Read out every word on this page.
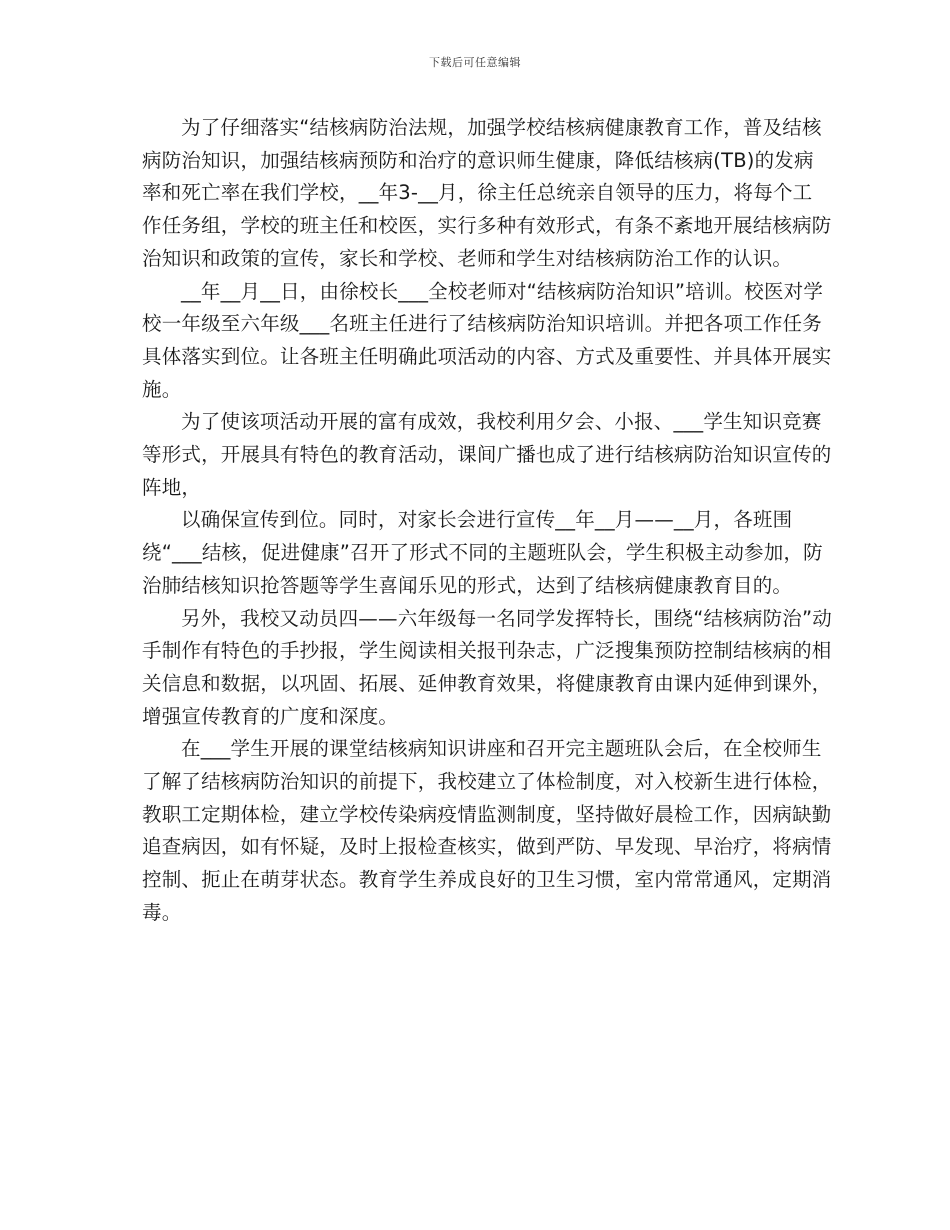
下载后可任意编辑

为了仔细落实“结核病防治法规，加强学校结核病健康教育工作，普及结核病防治知识，加强结核病预防和治疗的意识师生健康，降低结核病(TB)的发病率和死亡率在我们学校，__年3-__月，徐主任总统亲自领导的压力，将每个工作任务组，学校的班主任和校医，实行多种有效形式，有条不紊地开展结核病防治知识和政策的宣传，家长和学校、老师和学生对结核病防治工作的认识。

__年__月__日，由徐校长___全校老师对“结核病防治知识”培训。校医对学校一年级至六年级___名班主任进行了结核病防治知识培训。并把各项工作任务具体落实到位。让各班主任明确此项活动的内容、方式及重要性、并具体开展实施。

为了使该项活动开展的富有成效，我校利用夕会、小报、___学生知识竞赛等形式，开展具有特色的教育活动，课间广播也成了进行结核病防治知识宣传的阵地，

以确保宣传到位。同时，对家长会进行宣传__年__月——__月，各班围绕“___结核，促进健康”召开了形式不同的主题班队会，学生积极主动参加，防治肺结核知识抢答题等学生喜闻乐见的形式，达到了结核病健康教育目的。

另外，我校又动员四——六年级每一名同学发挥特长，围绕“结核病防治”动手制作有特色的手抄报，学生阅读相关报刊杂志，广泛搜集预防控制结核病的相关信息和数据，以巩固、拓展、延伸教育效果，将健康教育由课内延伸到课外，增强宣传教育的广度和深度。

在___学生开展的课堂结核病知识讲座和召开完主题班队会后，在全校师生了解了结核病防治知识的前提下，我校建立了体检制度，对入校新生进行体检，教职工定期体检，建立学校传染病疫情监测制度，坚持做好晨检工作，因病缺勤追查病因，如有怀疑，及时上报检查核实，做到严防、早发现、早治疗，将病情控制、扼止在萌芽状态。教育学生养成良好的卫生习惯，室内常常通风，定期消毒。
